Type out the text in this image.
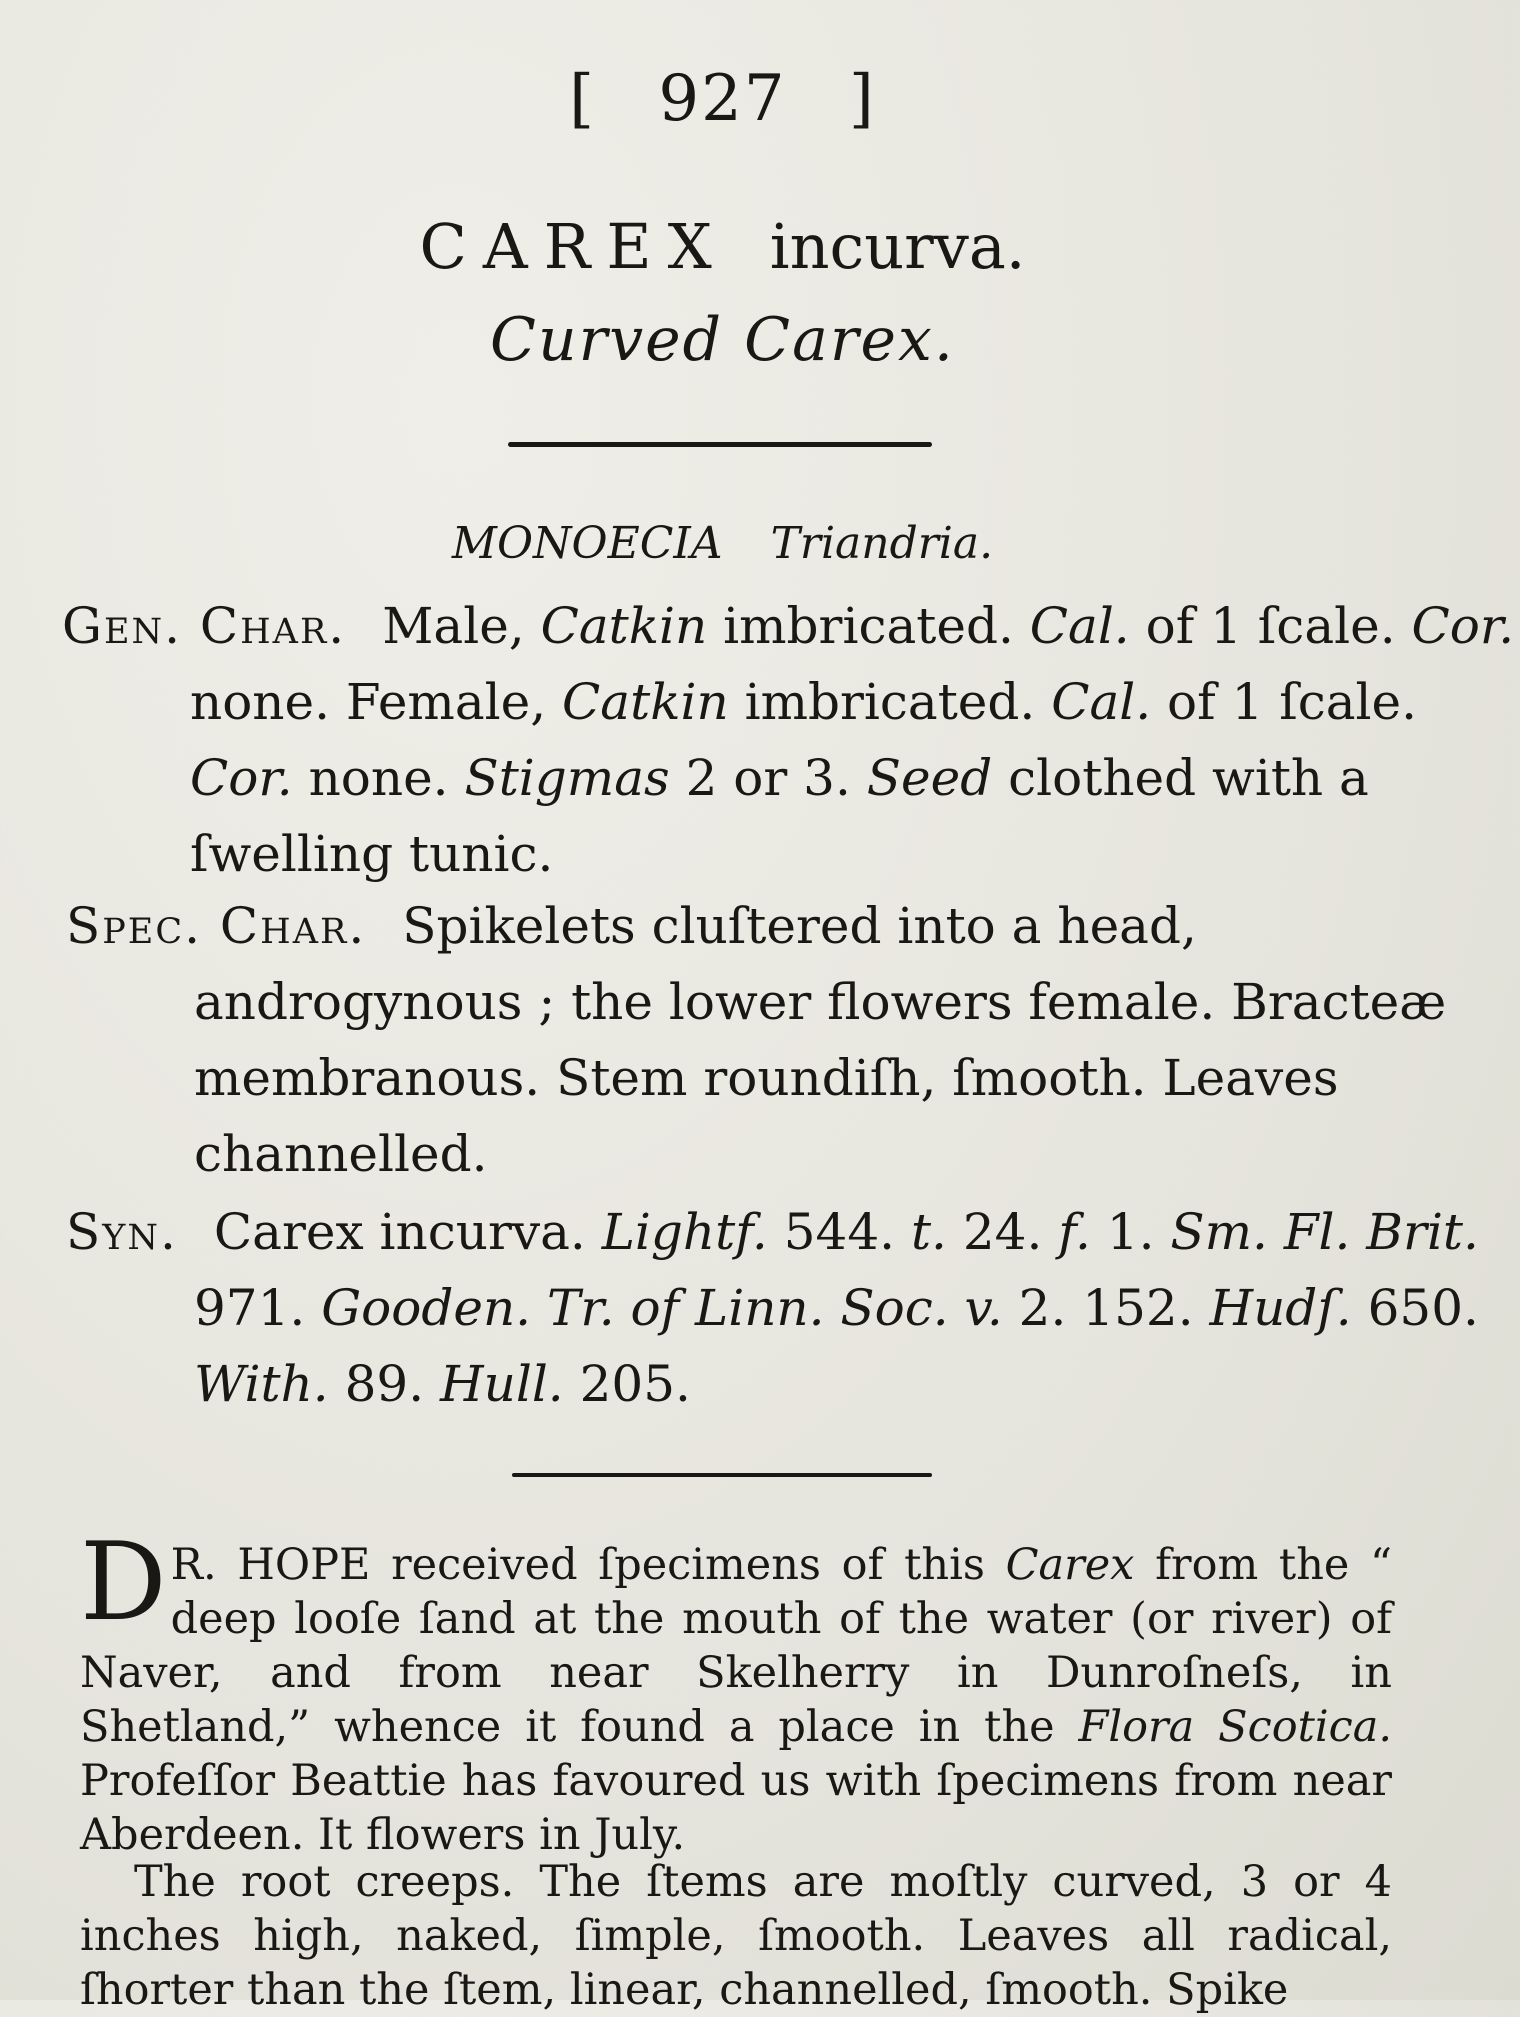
[ 927 ]
CAREX incurva.
Curved Carex.
MONOECIA Triandria.
Gen. Char. Male, Catkin imbricated. Cal. of 1 ſcale. Cor. none. Female, Catkin imbricated. Cal. of 1 ſcale. Cor. none. Stigmas 2 or 3. Seed clothed with a ſwelling tunic.
Spec. Char. Spikelets cluſtered into a head, androgynous ; the lower flowers female. Bracteæ membranous. Stem roundiſh, ſmooth. Leaves channelled.
Syn. Carex incurva. Lightf. 544. t. 24. f. 1. Sm. Fl. Brit. 971. Gooden. Tr. of Linn. Soc. v. 2. 152. Hudſ. 650. With. 89. Hull. 205.
D R. HOPE received ſpecimens of this Carex from the “ deep looſe ſand at the mouth of the water (or river) of Naver, and from near Skelherry in Dunroſneſs, in Shetland,” whence it found a place in the Flora Scotica. Profeſſor Beattie has favoured us with ſpecimens from near Aberdeen. It flowers in July.
The root creeps. The ſtems are moſtly curved, 3 or 4 inches high, naked, ſimple, ſmooth. Leaves all radical, ſhorter than the ſtem, linear, channelled, ſmooth. Spike
